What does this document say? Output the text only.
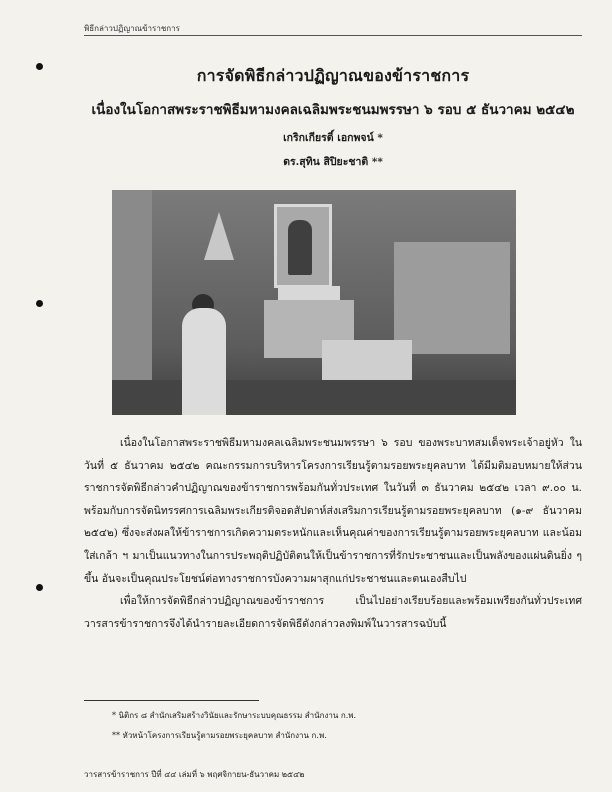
พิธีกล่าวปฏิญาณข้าราชการ
การจัดพิธีกล่าวปฏิญาณของข้าราชการ
เนื่องในโอกาสพระราชพิธีมหามงคลเฉลิมพระชนมพรรษา ๖ รอบ ๕ ธันวาคม ๒๕๔๒
เกริกเกียรติ์ เอกพจน์ *
ดร.สุทิน สิปิยะชาติ **

เนื่องในโอกาสพระราชพิธีมหามงคลเฉลิมพระชนมพรรษา ๖ รอบ ของพระบาทสมเด็จพระเจ้าอยู่หัว ในวันที่ ๕ ธันวาคม ๒๕๔๒ คณะกรรมการบริหารโครงการเรียนรู้ตามรอยพระยุคลบาท ได้มีมติมอบหมายให้ส่วนราชการจัดพิธีกล่าวคำปฏิญาณของข้าราชการพร้อมกันทั่วประเทศ ในวันที่ ๓ ธันวาคม ๒๕๔๒ เวลา ๙.๐๐ น. พร้อมกับการจัดนิทรรศการเฉลิมพระเกียรติจอดสัปดาห์ส่งเสริมการเรียนรู้ตามรอยพระยุคลบาท (๑-๙ ธันวาคม ๒๕๔๒) ซึ่งจะส่งผลให้ข้าราชการเกิดความตระหนักและเห็นคุณค่าของการเรียนรู้ตามรอยพระยุคลบาท และน้อมใส่เกล้า ฯ มาเป็นแนวทางในการประพฤติปฏิบัติตนให้เป็นข้าราชการที่รักประชาชนและเป็นพลังของแผ่นดินยิ่ง ๆ ขึ้น อันจะเป็นคุณประโยชน์ต่อทางราชการบังความผาสุกแก่ประชาชนและตนเองสืบไป

เพื่อให้การจัดพิธีกล่าวปฏิญาณของข้าราชการ เป็นไปอย่างเรียบร้อยและพร้อมเพรียงกันทั่วประเทศ วารสารข้าราชการจึงได้นำรายละเอียดการจัดพิธีดังกล่าวลงพิมพ์ในวารสารฉบับนี้

* นิติกร ๘ สำนักเสริมสร้างวินัยและรักษาระบบคุณธรรม สำนักงาน ก.พ.
** หัวหน้าโครงการเรียนรู้ตามรอยพระยุคลบาท สำนักงาน ก.พ.
วารสารข้าราชการ ปีที่ ๔๔ เล่มที่ ๖ พฤศจิกายน-ธันวาคม ๒๕๔๒
